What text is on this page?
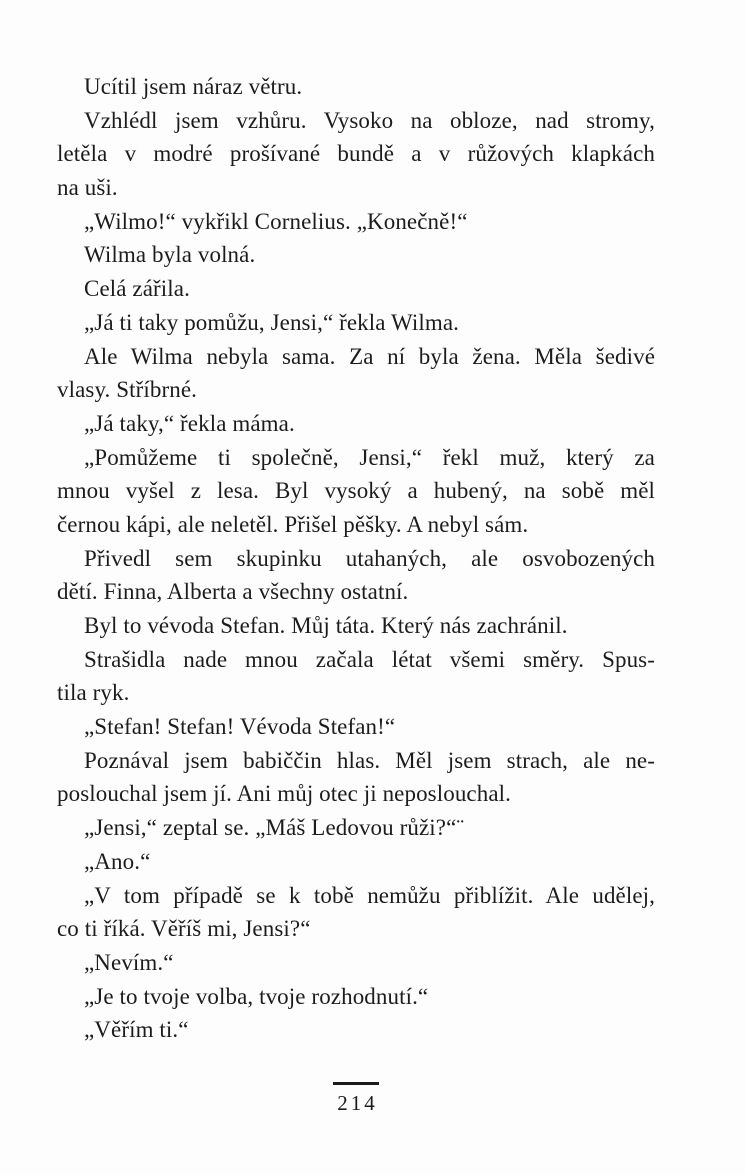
Ucítil jsem náraz větru.
Vzhlédl jsem vzhůru. Vysoko na obloze, nad stromy,
letěla v modré prošívané bundě a v růžových klapkách
na uši.
„Wilmo!“ vykřikl Cornelius. „Konečně!“
Wilma byla volná.
Celá zářila.
„Já ti taky pomůžu, Jensi,“ řekla Wilma.
Ale Wilma nebyla sama. Za ní byla žena. Měla šedivé
vlasy. Stříbrné.
„Já taky,“ řekla máma.
„Pomůžeme ti společně, Jensi,“ řekl muž, který za
mnou vyšel z lesa. Byl vysoký a hubený, na sobě měl
černou kápi, ale neletěl. Přišel pěšky. A nebyl sám.
Přivedl sem skupinku utahaných, ale osvobozených
dětí. Finna, Alberta a všechny ostatní.
Byl to vévoda Stefan. Můj táta. Který nás zachránil.
Strašidla nade mnou začala létat všemi směry. Spus-
tila ryk.
„Stefan! Stefan! Vévoda Stefan!“
Poznával jsem babiččin hlas. Měl jsem strach, ale ne-
poslouchal jsem jí. Ani můj otec ji neposlouchal.
„Jensi,“ zeptal se. „Máš Ledovou růži?“¨
„Ano.“
„V tom případě se k tobě nemůžu přiblížit. Ale udělej,
co ti říká. Věříš mi, Jensi?“
„Nevím.“
„Je to tvoje volba, tvoje rozhodnutí.“
„Věřím ti.“
214
